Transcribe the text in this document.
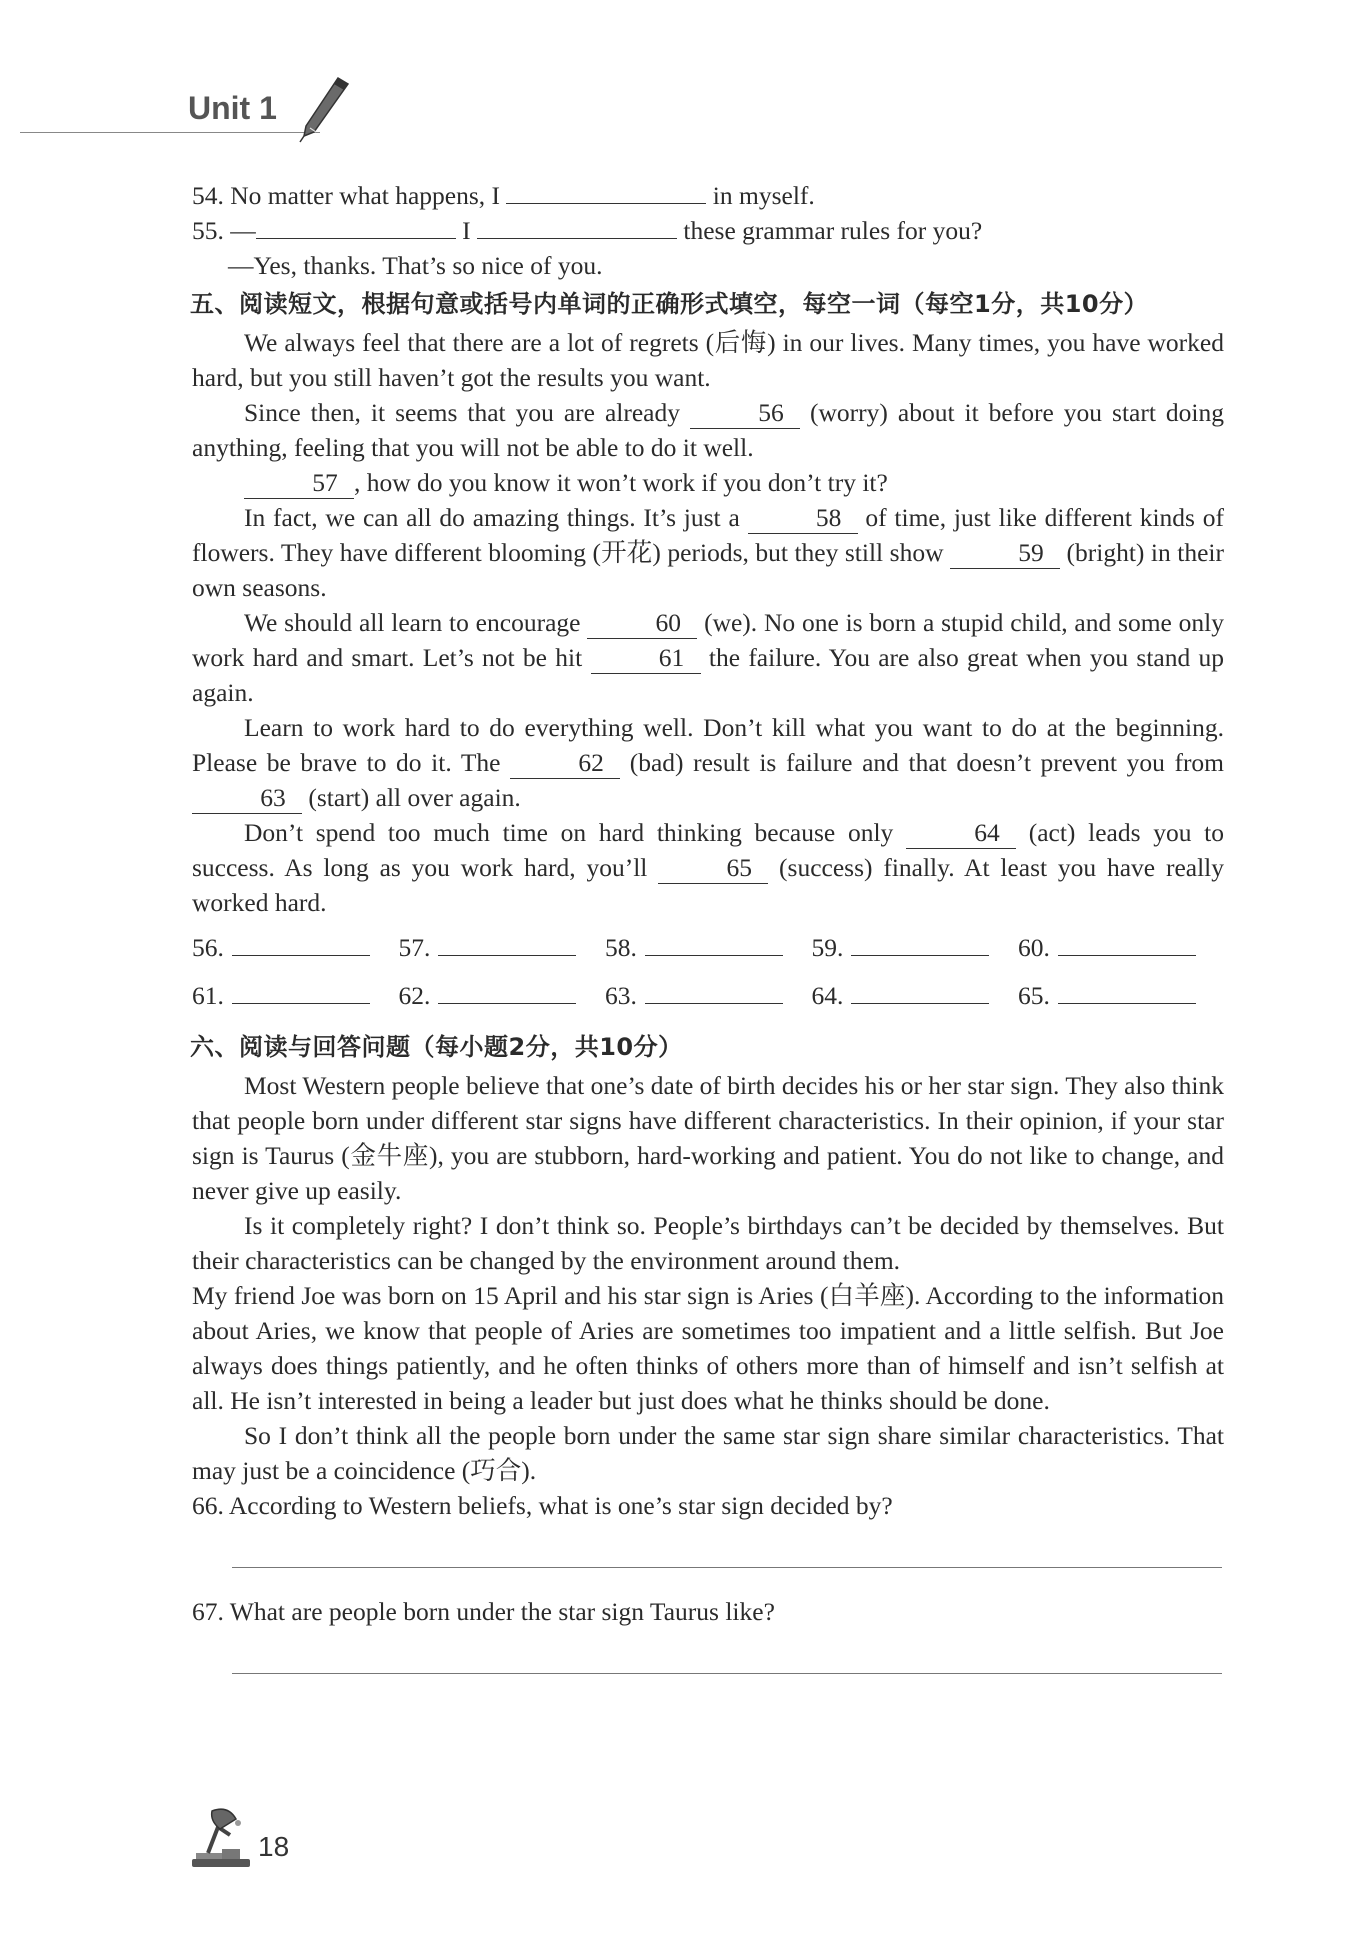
Unit 1
54. No matter what happens, I	in myself.
55. —	I	these grammar rules for you?
—Yes, thanks. That’s so nice of you.
五、阅读短文，根据句意或括号内单词的正确形式填空，每空一词（每空1分，共10分）
We always feel that there are a lot of regrets (后悔) in our lives. Many times, you have worked hard, but you still haven’t got the results you want.
Since then, it seems that you are already	56 (worry) about it before you start doing anything, feeling that you will not be able to do it well.
57 , how do you know it won’t work if you don’t try it?
In fact, we can all do amazing things. It’s just a	58 of time, just like different kinds of flowers. They have different blooming (开花) periods, but they still show	59 (bright) in their own seasons.
We should all learn to encourage	60 (we). No one is born a stupid child, and some only work hard and smart. Let’s not be hit	61 the failure. You are also great when you stand up again.
Learn to work hard to do everything well. Don’t kill what you want to do at the beginning. Please be brave to do it. The	62 (bad) result is failure and that doesn’t prevent you from 63 (start) all over again.
Don’t spend too much time on hard thinking because only	64 (act) leads you to success. As long as you work hard, you’ll	65 (success) finally. At least you have really worked hard.
56.	57.	58.	59.	60.
61.	62.	63.	64.	65.
六、阅读与回答问题（每小题2分，共10分）
Most Western people believe that one’s date of birth decides his or her star sign. They also think that people born under different star signs have different characteristics. In their opinion, if your star sign is Taurus (金牛座), you are stubborn, hard-working and patient. You do not like to change, and never give up easily.
Is it completely right? I don’t think so. People’s birthdays can’t be decided by themselves. But their characteristics can be changed by the environment around them.
My friend Joe was born on 15 April and his star sign is Aries (白羊座). According to the information about Aries, we know that people of Aries are sometimes too impatient and a little selfish. But Joe always does things patiently, and he often thinks of others more than of himself and isn’t selfish at all. He isn’t interested in being a leader but just does what he thinks should be done.
So I don’t think all the people born under the same star sign share similar characteristics. That may just be a coincidence (巧合).
66. According to Western beliefs, what is one’s star sign decided by?
67. What are people born under the star sign Taurus like?
18
